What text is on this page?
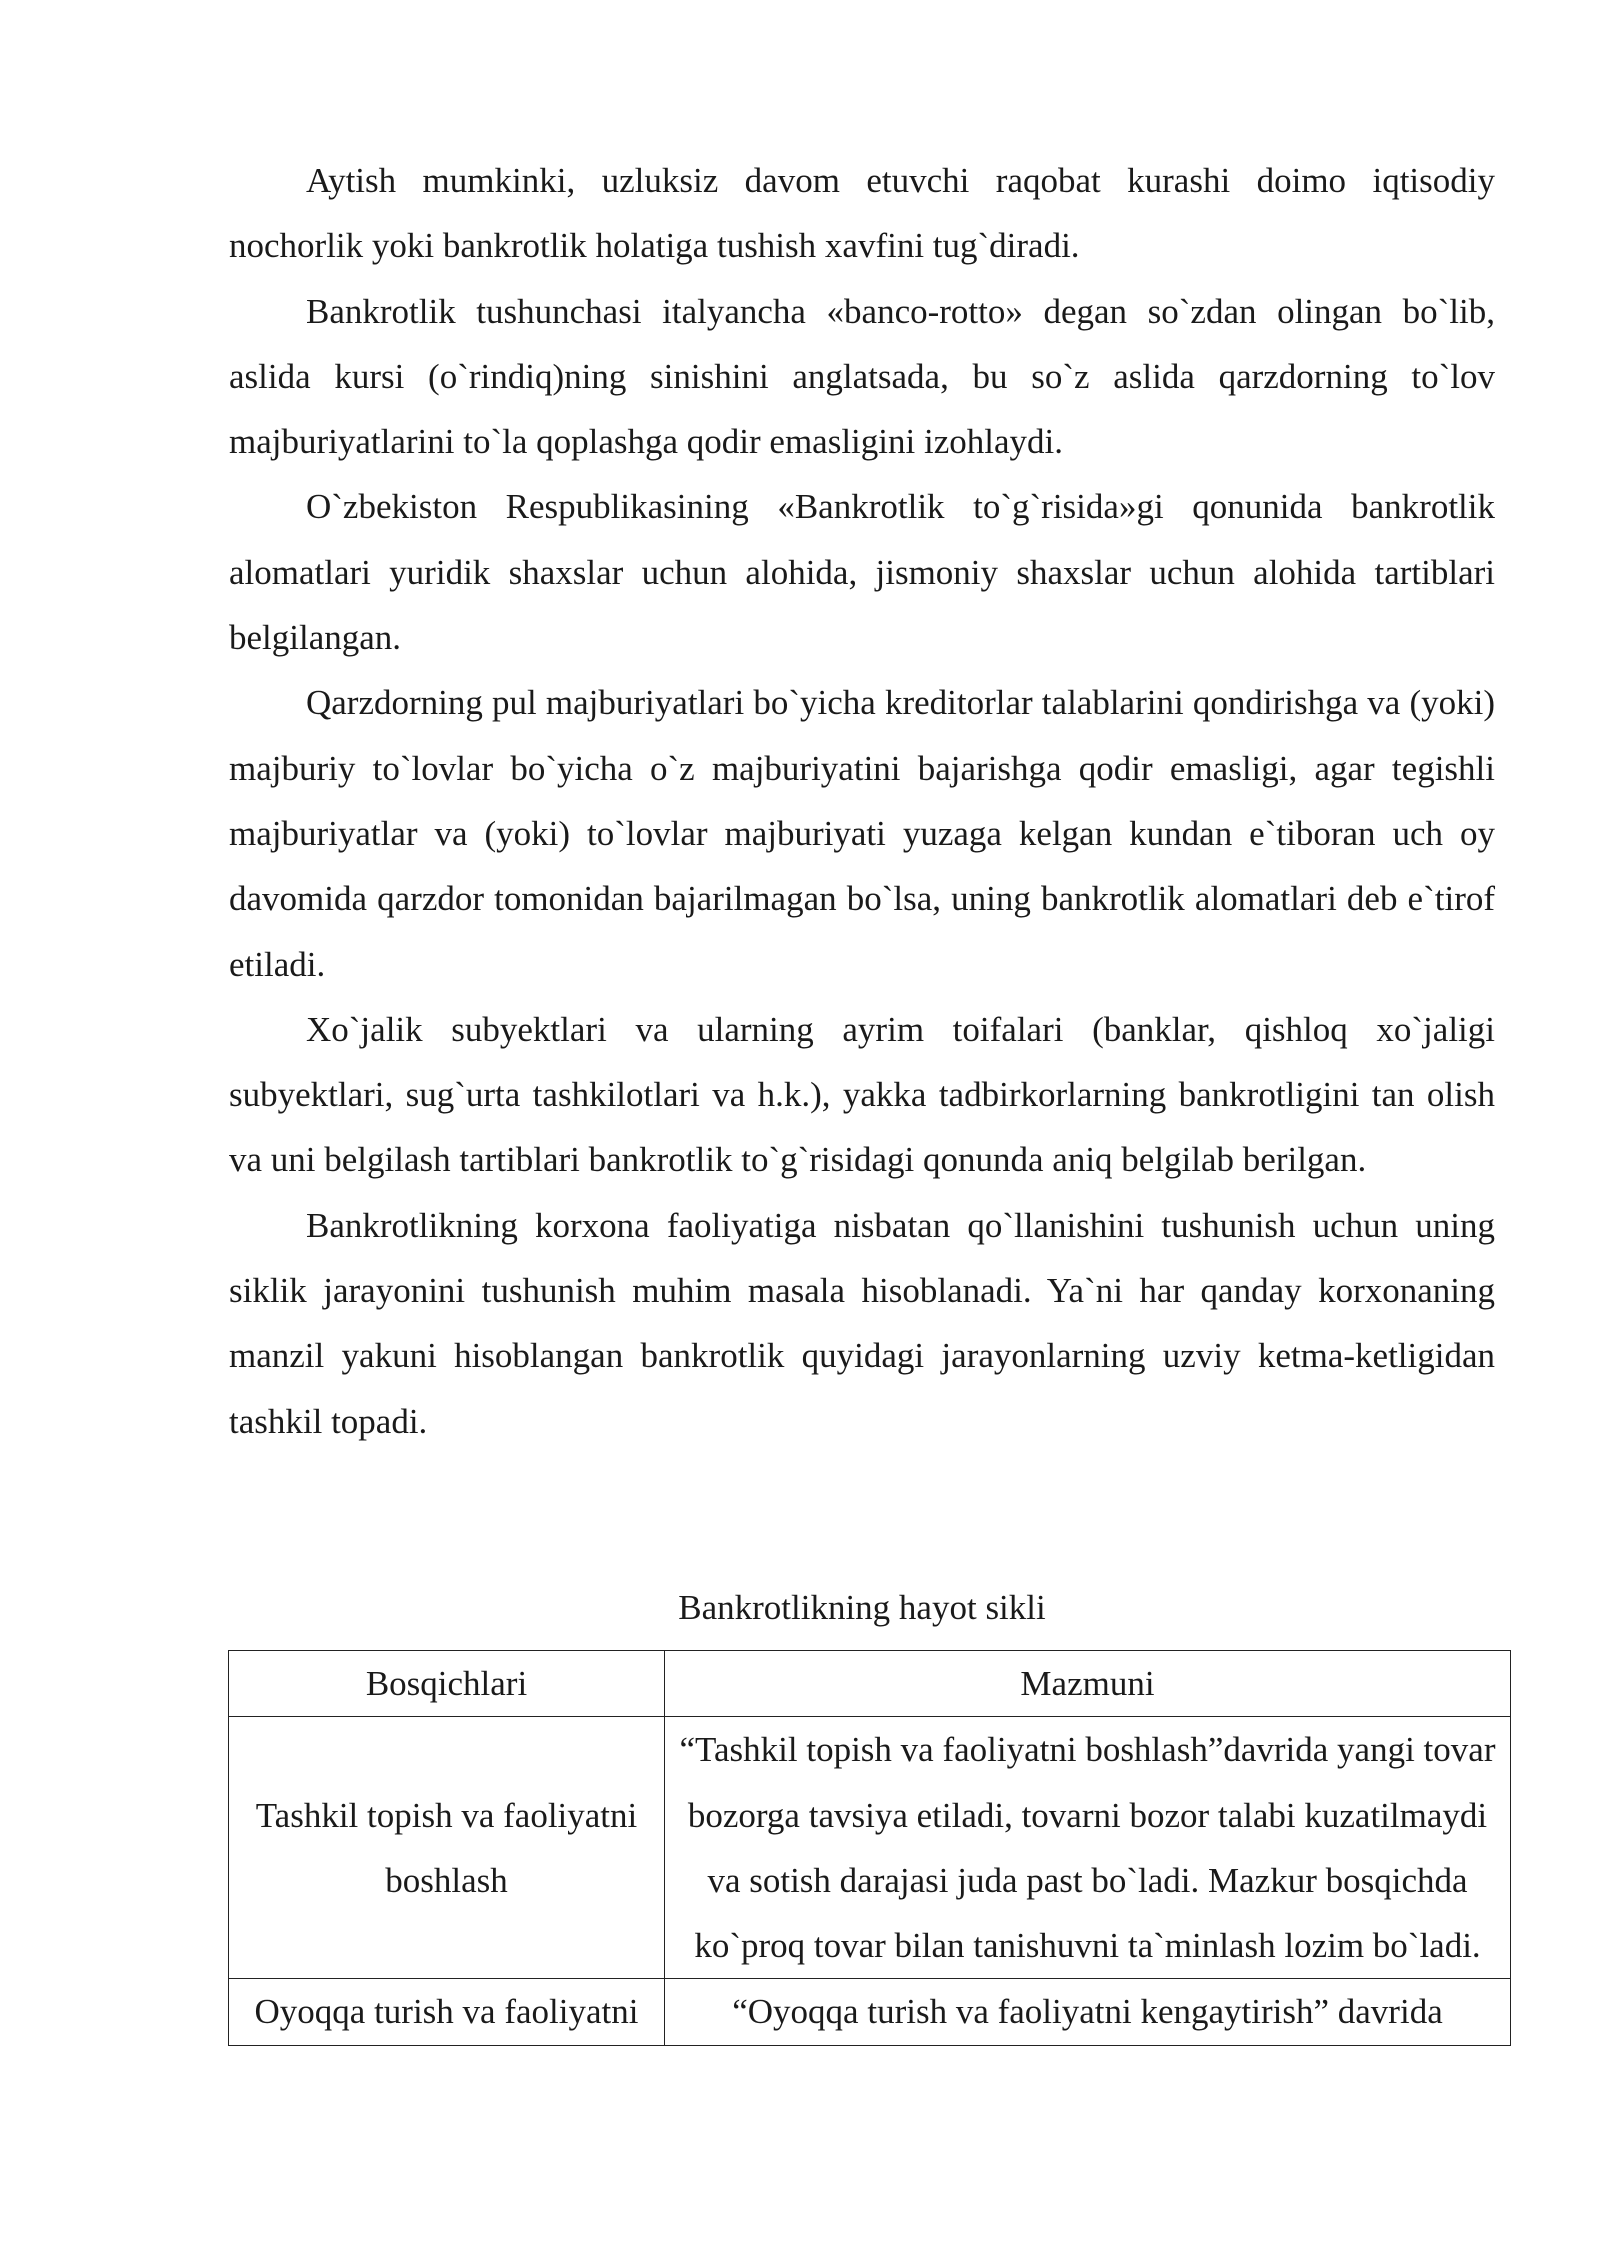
Aytish mumkinki, uzluksiz davom etuvchi raqobat kurashi doimo iqtisodiy nochorlik yoki bankrotlik holatiga tushish xavfini tug`diradi.

Bankrotlik tushunchasi italyancha «banco-rotto» degan so`zdan olingan bo`lib, aslida kursi (o`rindiq)ning sinishini anglatsada, bu so`z aslida qarzdorning to`lov majburiyatlarini to`la qoplashga qodir emasligini izohlaydi.

O`zbekiston Respublikasining «Bankrotlik to`g`risida»gi qonunida bankrotlik alomatlari yuridik shaxslar uchun alohida, jismoniy shaxslar uchun alohida tartiblari belgilangan.

Qarzdorning pul majburiyatlari bo`yicha kreditorlar talablarini qondirishga va (yoki) majburiy to`lovlar bo`yicha o`z majburiyatini bajarishga qodir emasligi, agar tegishli majburiyatlar va (yoki) to`lovlar majburiyati yuzaga kelgan kundan e`tiboran uch oy davomida qarzdor tomonidan bajarilmagan bo`lsa, uning bankrotlik alomatlari deb e`tirof etiladi.

Xo`jalik subyektlari va ularning ayrim toifalari (banklar, qishloq xo`jaligi subyektlari, sug`urta tashkilotlari va h.k.), yakka tadbirkorlarning bankrotligini tan olish va uni belgilash tartiblari bankrotlik to`g`risidagi qonunda aniq belgilab berilgan.

Bankrotlikning korxona faoliyatiga nisbatan qo`llanishini tushunish uchun uning siklik jarayonini tushunish muhim masala hisoblanadi. Ya`ni har qanday korxonaning manzil yakuni hisoblangan bankrotlik quyidagi jarayonlarning uzviy ketma-ketligidan tashkil topadi.

Bankrotlikning hayot sikli

Bosqichlari	Mazmuni
Tashkil topish va faoliyatni boshlash	“Tashkil topish va faoliyatni boshlash”davrida yangi tovar bozorga tavsiya etiladi, tovarni bozor talabi kuzatilmaydi va sotish darajasi juda past bo`ladi. Mazkur bosqichda ko`proq tovar bilan tanishuvni ta`minlash lozim bo`ladi.
Oyoqqa turish va faoliyatni	“Oyoqqa turish va faoliyatni kengaytirish” davrida
